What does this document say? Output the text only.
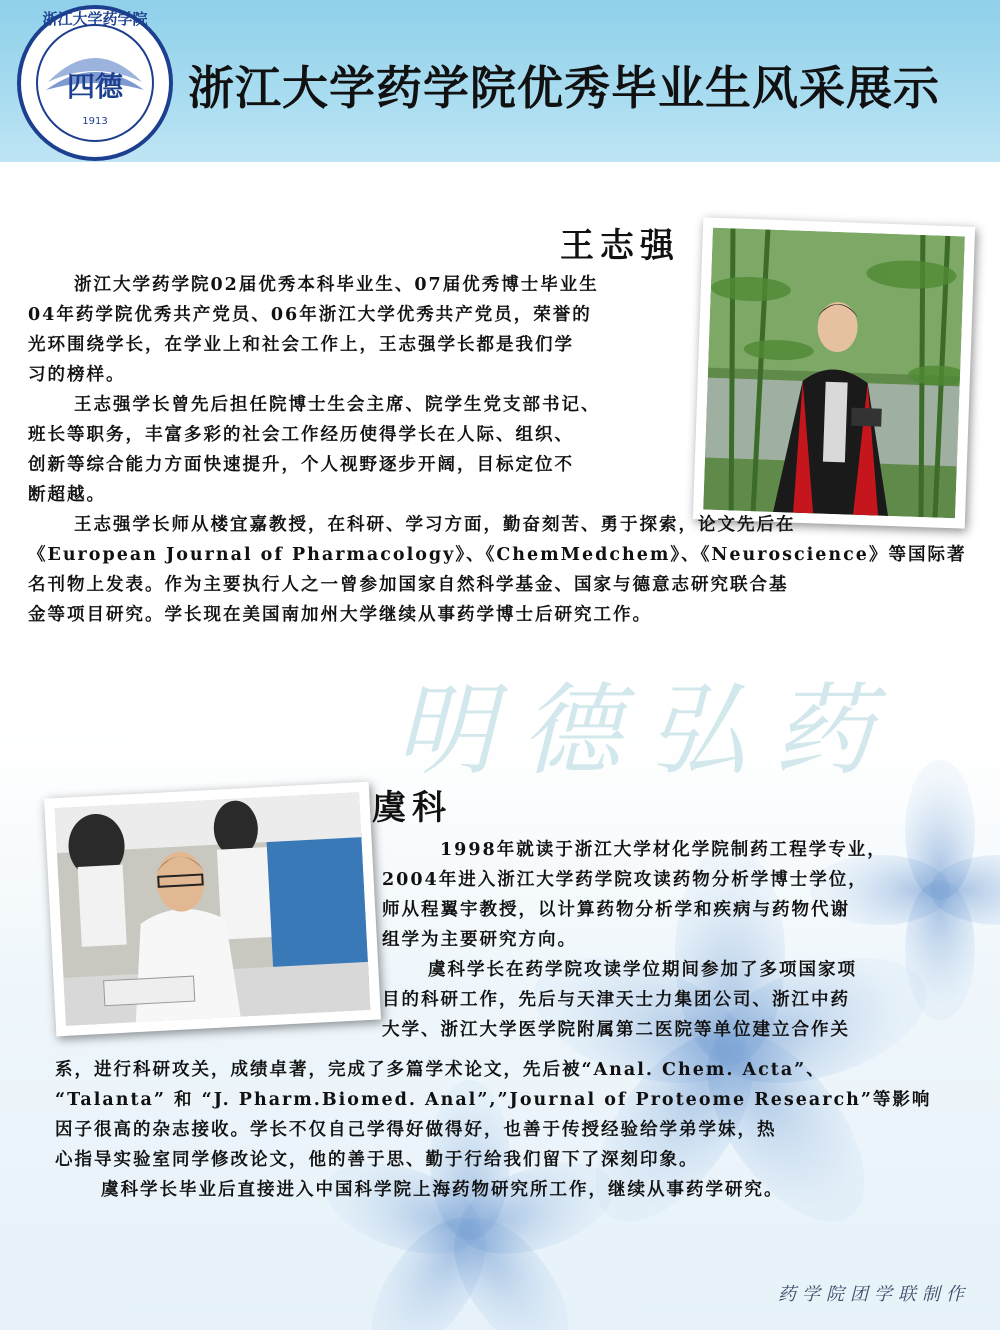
四德
1913
浙江大学药学院
浙江大学药学院优秀毕业生风采展示
王志强

浙江大学药学院02届优秀本科毕业生、07届优秀博士毕业生

04年药学院优秀共产党员、06年浙江大学优秀共产党员，荣誉的

光环围绕学长，在学业上和社会工作上，王志强学长都是我们学

习的榜样。

王志强学长曾先后担任院博士生会主席、院学生党支部书记、

班长等职务，丰富多彩的社会工作经历使得学长在人际、组织、

创新等综合能力方面快速提升，个人视野逐步开阔，目标定位不

断超越。

王志强学长师从楼宜嘉教授，在科研、学习方面，勤奋刻苦、勇于探索，论文先后在

《European Journal of Pharmacology》、《ChemMedchem》、《Neuroscience》等国际著

名刊物上发表。作为主要执行人之一曾参加国家自然科学基金、国家与德意志研究联合基

金等项目研究。学长现在美国南加州大学继续从事药学博士后研究工作。

明德弘药
虞科

1998年就读于浙江大学材化学院制药工程学专业，

2004年进入浙江大学药学院攻读药物分析学博士学位，

师从程翼宇教授，以计算药物分析学和疾病与药物代谢

组学为主要研究方向。

虞科学长在药学院攻读学位期间参加了多项国家项

目的科研工作，先后与天津天士力集团公司、浙江中药

大学、浙江大学医学院附属第二医院等单位建立合作关

系，进行科研攻关，成绩卓著，完成了多篇学术论文，先后被“Anal. Chem. Acta”、

“Talanta” 和 “J. Pharm.Biomed. Anal”,”Journal of Proteome Research”等影响

因子很高的杂志接收。学长不仅自己学得好做得好，也善于传授经验给学弟学妹，热

心指导实验室同学修改论文，他的善于思、勤于行给我们留下了深刻印象。

虞科学长毕业后直接进入中国科学院上海药物研究所工作，继续从事药学研究。

药学院团学联制作
